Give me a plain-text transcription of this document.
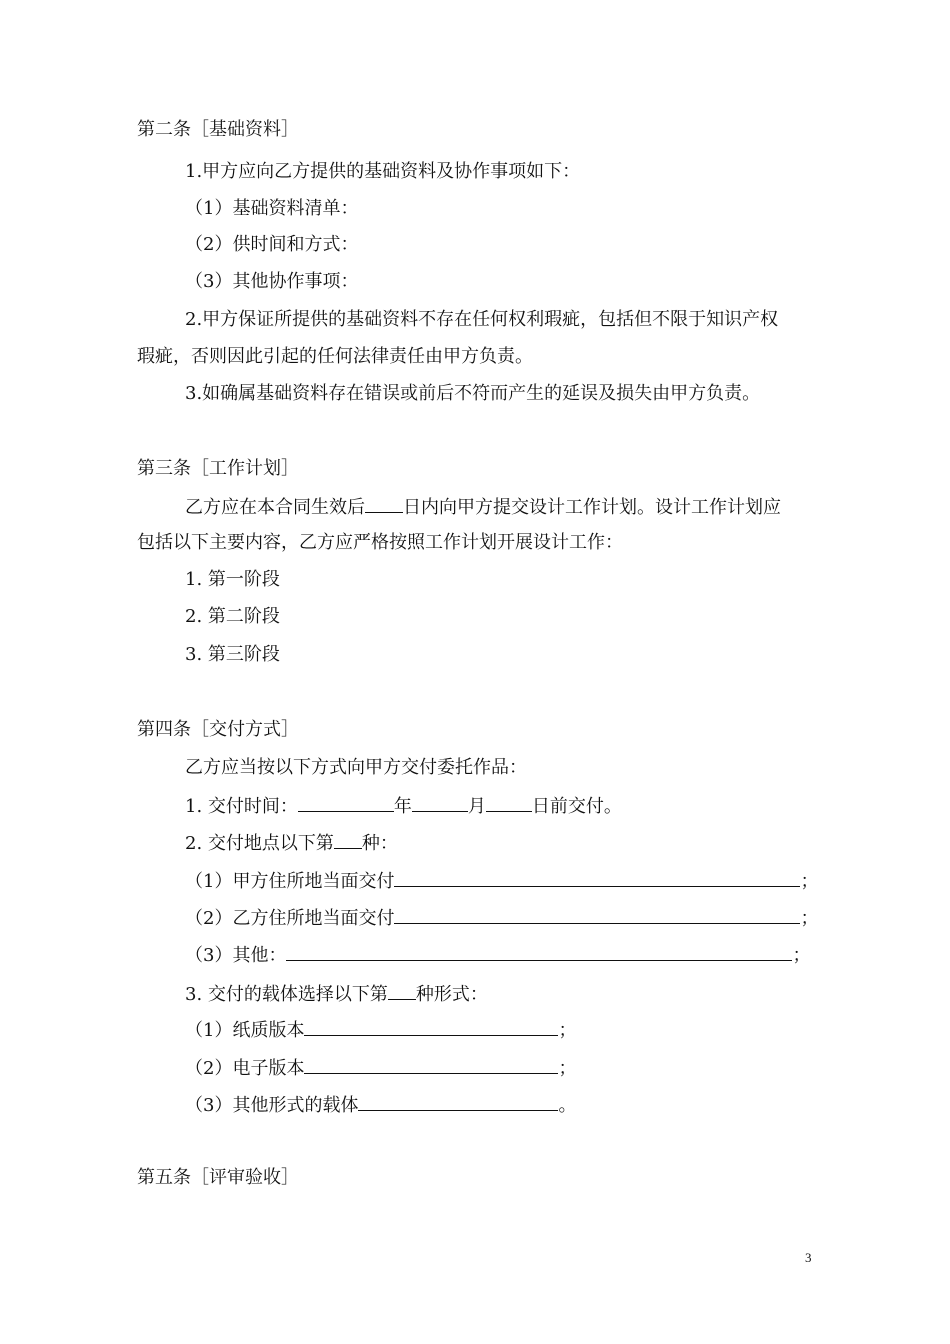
第二条［基础资料］
1.甲方应向乙方提供的基础资料及协作事项如下：
（1）基础资料清单：
（2）供时间和方式：
（3）其他协作事项：
2.甲方保证所提供的基础资料不存在任何权利瑕疵，包括但不限于知识产权
瑕疵，否则因此引起的任何法律责任由甲方负责。
3.如确属基础资料存在错误或前后不符而产生的延误及损失由甲方负责。
第三条［工作计划］
乙方应在本合同生效后 日内向甲方提交设计工作计划。设计工作计划应
包括以下主要内容，乙方应严格按照工作计划开展设计工作：
1. 第一阶段
2. 第二阶段
3. 第三阶段
第四条［交付方式］
乙方应当按以下方式向甲方交付委托作品：
1. 交付时间：	年	月	日前交付。
2. 交付地点以下第 种：
（1）甲方住所地当面交付	；
（2）乙方住所地当面交付	；
（3）其他：	；
3. 交付的载体选择以下第 种形式：
（1）纸质版本	；
（2）电子版本	；
（3）其他形式的载体	。
第五条［评审验收］
3
